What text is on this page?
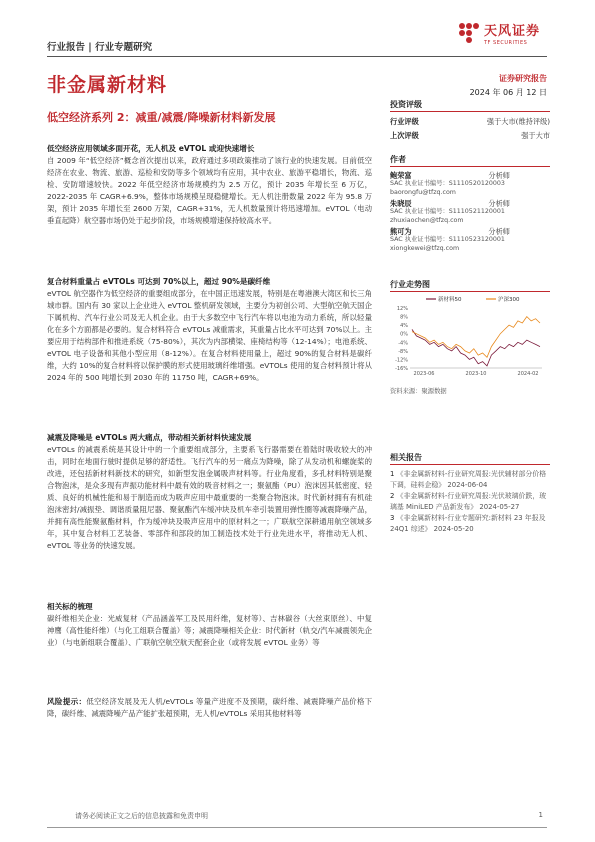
行业报告 | 行业专题研究
天风证券
TF SECURITIES
非金属新材料	证券研究报告
2024 年 06 月 12 日
低空经济系列 2：减重/减震/降噪新材料新发展
低空经济应用领域多面开花，无人机及 eVTOL 或迎快速增长

自 2009 年“低空经济”概念首次提出以来，政府通过多项政策推动了该行业的快速发展。目前低空经济在农业、物流、旅游、巡检和安防等多个领域均有应用，其中农业、旅游平稳增长，物流、巡检、安防增速较快。2022 年低空经济市场规模约为 2.5 万亿，预计 2035 年增长至 6 万亿，2022-2035 年 CAGR+6.9%，整体市场规模呈现稳健增长。无人机注册数量 2022 年为 95.8 万架，预计 2035 年增长至 2600 万架，CAGR+31%，无人机数量预计将迅速增加。eVTOL（电动垂直起降）航空器市场仍处于起步阶段，市场规模增速保持较高水平。

复合材料重量占 eVTOLs 可达到 70%以上，超过 90%是碳纤维

eVTOL 航空器作为低空经济的重要组成部分，在中国正迅速发展，特别是在粤港澳大湾区和长三角城市群。国内有 30 家以上企业进入 eVTOL 整机研发领域，主要分为初创公司、大型航空航天国企下属机构、汽车行业公司及无人机企业。由于大多数空中飞行汽车将以电池为动力系统，所以轻量化在多个方面都是必要的。复合材料符合 eVTOLs 减重需求，其重量占比水平可达到 70%以上。主要应用于结构部件和推进系统（75-80%），其次为内部横梁、座椅结构等（12-14%）；电池系统、eVTOL 电子设备和其他小型应用（8-12%）。在复合材料使用量上，超过 90%的复合材料是碳纤维，大约 10%的复合材料将以保护膜的形式使用玻璃纤维增强。eVTOLs 使用的复合材料预计将从 2024 年的 500 吨增长到 2030 年的 11750 吨，CAGR+69%。

减震及降噪是 eVTOLs 两大痛点，带动相关新材料快速发展

eVTOLs 的减震系统是其设计中的一个重要组成部分，主要系飞行器需要在着陆时吸收较大的冲击，同时在地面行驶时提供足够的舒适性。飞行汽车的另一痛点为降噪，除了从发动机和螺旋桨的改进，还包括新材料新技术的研究，如新型发泡金属吸声材料等。行业角度看，多孔材料特别是聚合物泡沫，是众多现有声振功能材料中最有效的吸音材料之一；聚氨酯（PU）泡沫因其低密度、轻质、良好的机械性能和易于制造而成为吸声应用中最重要的一类聚合物泡沫。时代新材拥有有机硅泡沫密封/减振垫、调谐质量阻尼器、聚氨酯汽车缓冲块及机车牵引装置用弹性圈等减震降噪产品，并拥有高性能聚氨酯材料，作为缓冲块及吸声应用中的原材料之一；广联航空深耕通用航空领域多年，其中复合材料工艺装备、零部件和部段的加工制造技术处于行业先进水平，将推动无人机、eVTOL 等业务的快速发展。

相关标的梳理

碳纤维相关企业：光威复材（产品涵盖军工及民用纤维，复材等）、吉林碳谷（大丝束原丝）、中复神鹰（高性能纤维）（与化工组联合覆盖）等；减震降噪相关企业：时代新材（轨交/汽车减震领先企业）（与电新组联合覆盖）、广联航空航空航天配套企业（或将发展 eVTOL 业务）等

风险提示：低空经济发展及无人机/eVTOLs 等量产进度不及预期，碳纤维、减震降噪产品价格下降，碳纤维、减震降噪产品产能扩张超预期，无人机/eVTOLs 采用其他材料等

投资评级
行业评级	强于大市(维持评级)
上次评级	强于大市
作者
鲍荣富	分析师
SAC 执业证书编号：S1110520120003
baorongfu@tfzq.com
朱晓辰	分析师
SAC 执业证书编号：S1110521120001
zhuxiaochen@tfzq.com
熊可为	分析师
SAC 执业证书编号：S1110523120001
xiongkewei@tfzq.com
行业走势图
12%
8%
4%
0%
-4%
-8%
-12%
-16%
2023-06	2023-10	2024-02
新材料50	沪深300
资料来源：聚源数据
相关报告
1 《非金属新材料-行业研究周报:光伏辅材部分价格下调，硅料企稳》 2024-06-04
2 《非金属新材料-行业研究周报:光伏玻璃价跌，玻璃基 MiniLED 产品新发布》 2024-05-27
3 《非金属新材料-行业专题研究:新材料 23 年报及 24Q1 综述》 2024-05-20
请务必阅读正文之后的信息披露和免责申明	1
